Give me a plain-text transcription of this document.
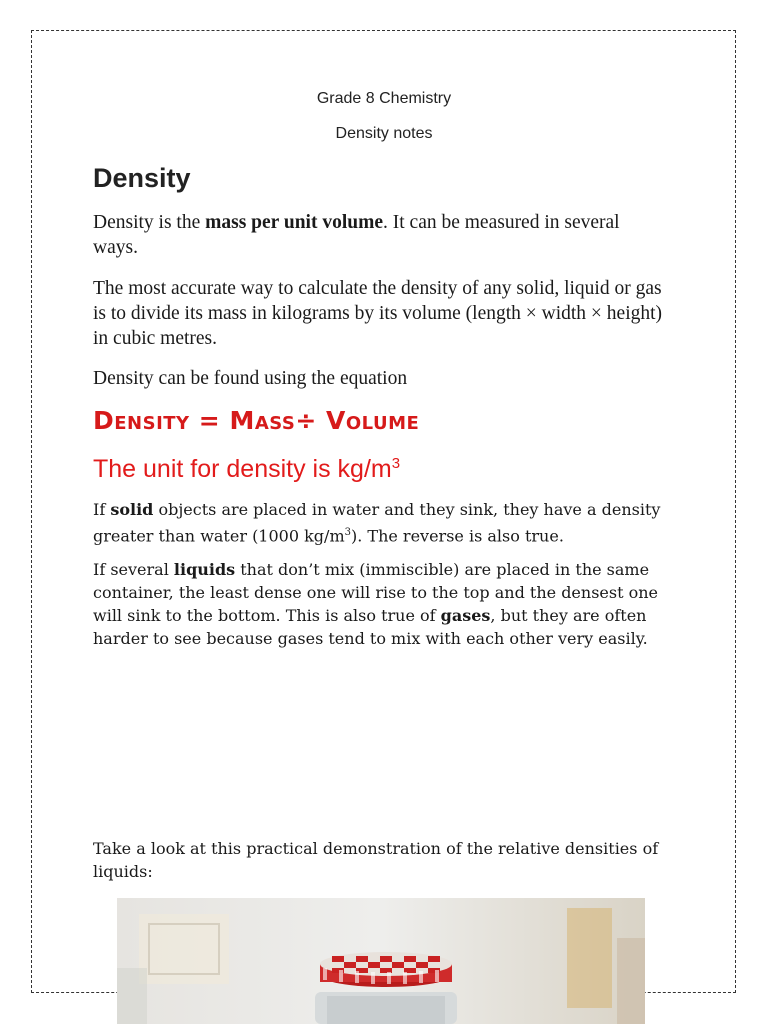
Grade 8 Chemistry
Density notes
Density
Density is the mass per unit volume. It can be measured in several ways.
The most accurate way to calculate the density of any solid, liquid or gas is to divide its mass in kilograms by its volume (length × width × height) in cubic metres.
Density can be found using the equation
Density = Mass÷ Volume
The unit for density is $kg/m^3$
If solid objects are placed in water and they sink, they have a density greater than water (1000 $kg/m^3$). The reverse is also true.
If several liquids that don’t mix (immiscible) are placed in the same container, the least dense one will rise to the top and the densest one will sink to the bottom. This is also true of gases, but they are often harder to see because gases tend to mix with each other very easily.
Take a look at this practical demonstration of the relative densities of liquids:
